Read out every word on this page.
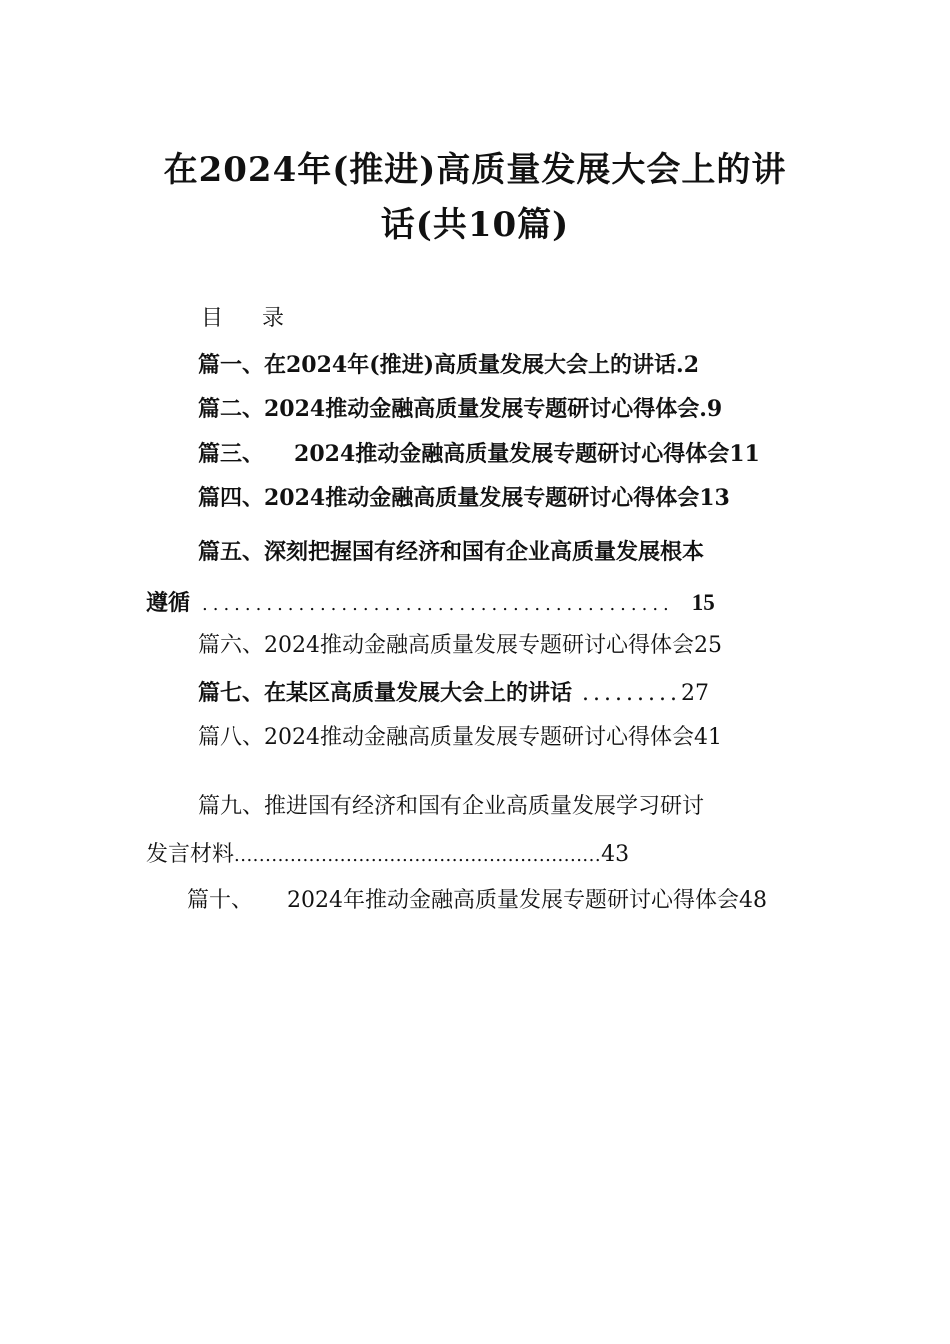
在2024年(推进)高质量发展大会上的讲
话(共10篇)
目 录
篇一、在2024年(推进)高质量发展大会上的讲话.2
篇二、2024推动金融高质量发展专题研讨心得体会.9
篇三、 2024推动金融高质量发展专题研讨心得体会11
篇四、2024推动金融高质量发展专题研讨心得体会13
篇五、深刻把握国有经济和国有企业高质量发展根本
遵循 ............................................ 15
篇六、2024推动金融高质量发展专题研讨心得体会25
篇七、在某区高质量发展大会上的讲话 .........27
篇八、2024推动金融高质量发展专题研讨心得体会41
篇九、推进国有经济和国有企业高质量发展学习研讨
发言材料...........................................................43
篇十、 2024年推动金融高质量发展专题研讨心得体会48
